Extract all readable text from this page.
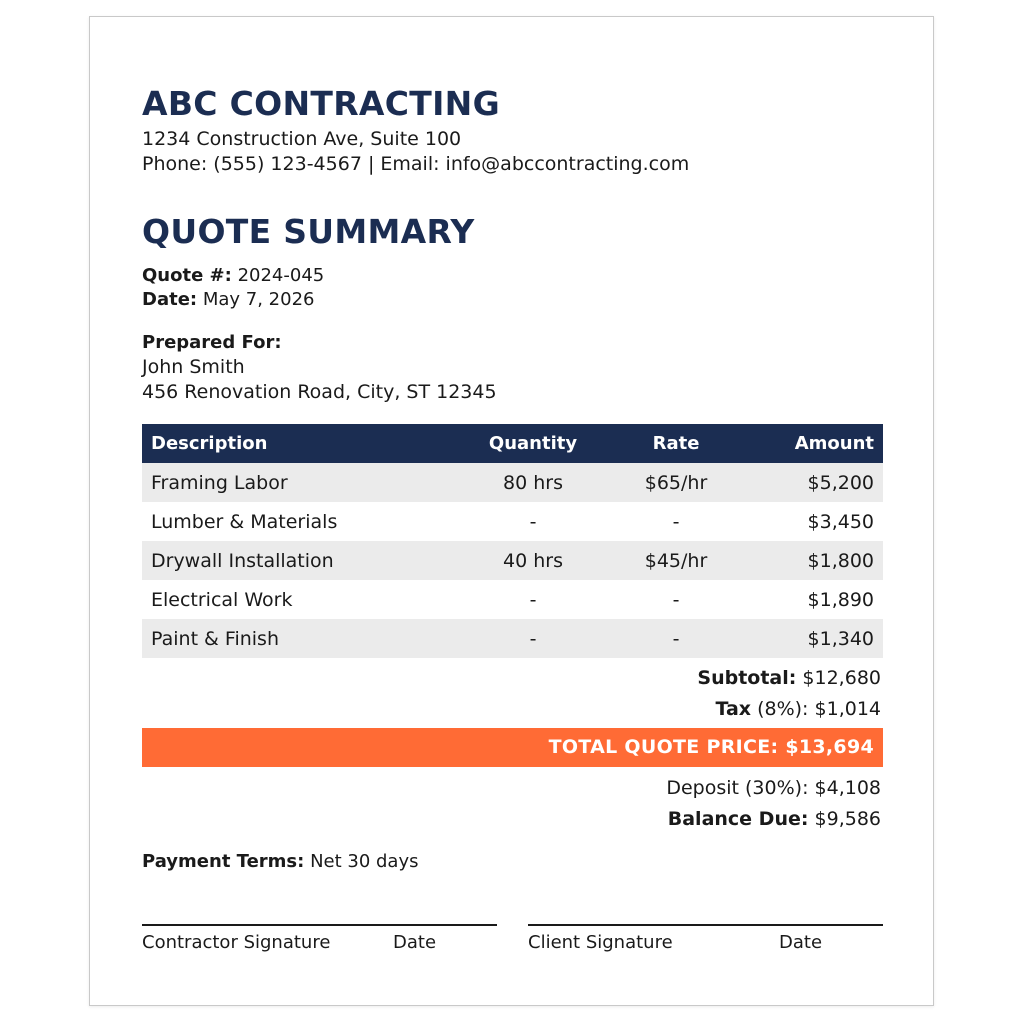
ABC CONTRACTING
1234 Construction Ave, Suite 100
Phone: (555) 123-4567 | Email: info@abccontracting.com
QUOTE SUMMARY
Quote #: 2024-045
Date: May 7, 2026
Prepared For:
John Smith
456 Renovation Road, City, ST 12345
Description	Quantity	Rate	Amount
Framing Labor	80 hrs	$65/hr	$5,200
Lumber & Materials	-	-	$3,450
Drywall Installation	40 hrs	$45/hr	$1,800
Electrical Work	-	-	$1,890
Paint & Finish	-	-	$1,340
Subtotal: $12,680
Tax (8%): $1,014
TOTAL QUOTE PRICE: $13,694
Deposit (30%): $4,108
Balance Due: $9,586
Payment Terms: Net 30 days
Contractor Signature	Date	Client Signature	Date
